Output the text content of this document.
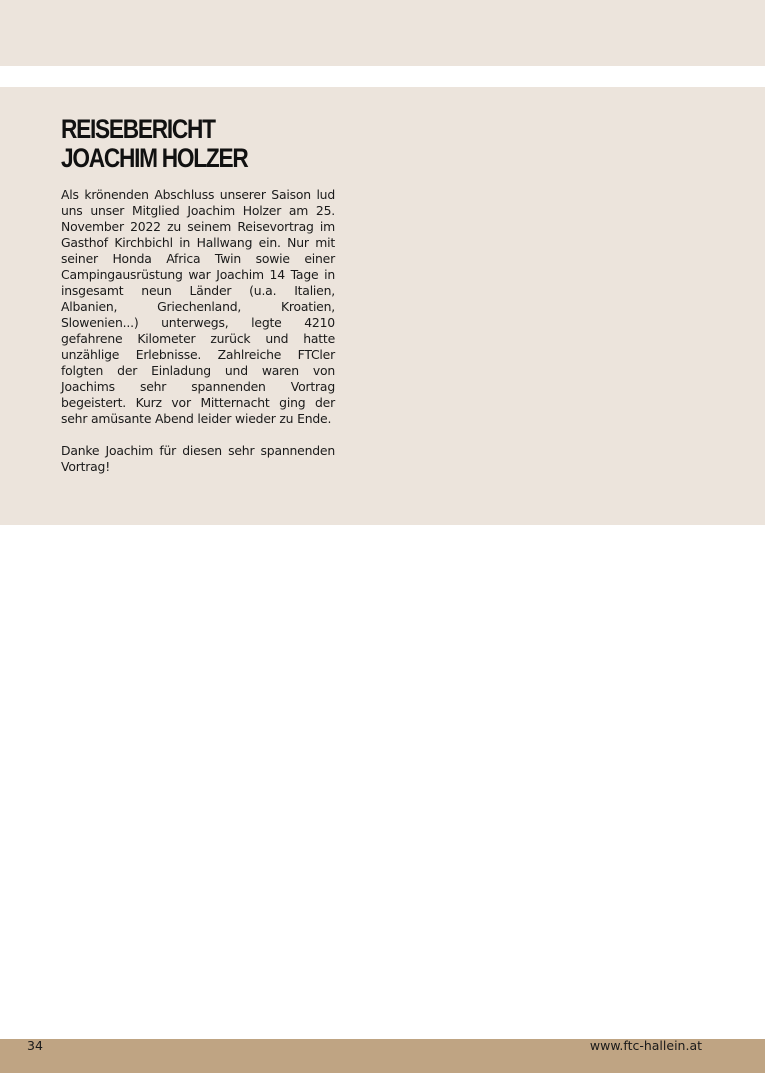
REISEBERICHT
JOACHIM HOLZER

Als krönenden Abschluss unserer Saison lud uns unser Mitglied Joachim Holzer am 25. November 2022 zu seinem Reisevortrag im Gasthof Kirchbichl in Hallwang ein. Nur mit seiner Honda Africa Twin sowie einer Campingausrüstung war Joachim 14 Tage in insgesamt neun Länder (u.a. Italien, Albanien, Griechenland, Kroatien, Slowenien...) unterwegs, legte 4210 gefahrene Kilometer zurück und hatte unzählige Erlebnisse. Zahlreiche FTCler folgten der Einladung und waren von Joachims sehr spannenden Vortrag begeistert. Kurz vor Mitternacht ging der sehr amüsante Abend leider wieder zu Ende.

Danke Joachim für diesen sehr spannenden Vortrag!

34	www.ftc-hallein.at
